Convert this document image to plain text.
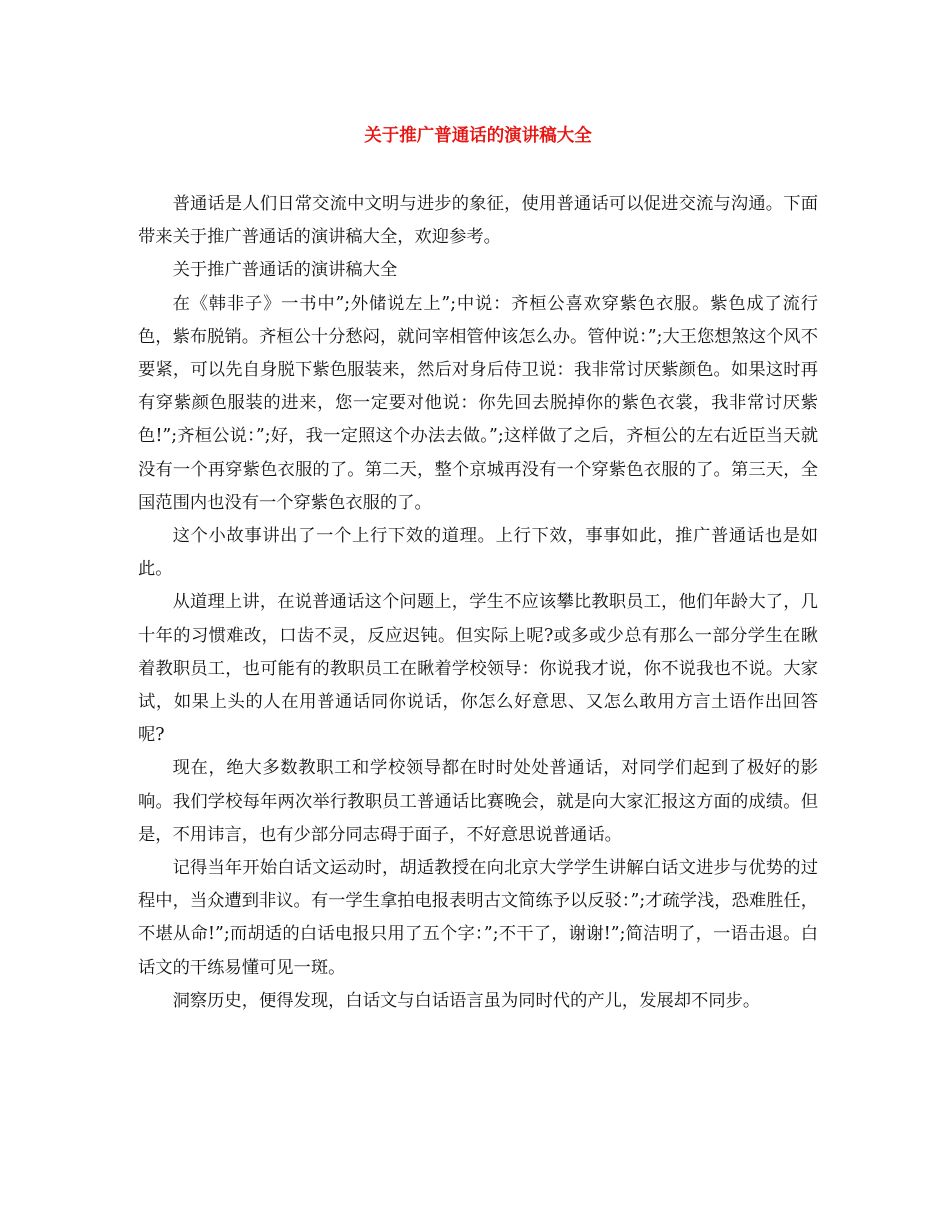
关于推广普通话的演讲稿大全

普通话是人们日常交流中文明与进步的象征，使用普通话可以促进交流与沟通。下面带来关于推广普通话的演讲稿大全，欢迎参考。

关于推广普通话的演讲稿大全

在《韩非子》一书中”;外储说左上”;中说：齐桓公喜欢穿紫色衣服。紫色成了流行色，紫布脱销。齐桓公十分愁闷，就问宰相管仲该怎么办。管仲说：”;大王您想煞这个风不要紧，可以先自身脱下紫色服装来，然后对身后侍卫说：我非常讨厌紫颜色。如果这时再有穿紫颜色服装的进来，您一定要对他说：你先回去脱掉你的紫色衣裳，我非常讨厌紫色!”;齐桓公说：”;好，我一定照这个办法去做。”;这样做了之后，齐桓公的左右近臣当天就没有一个再穿紫色衣服的了。第二天，整个京城再没有一个穿紫色衣服的了。第三天，全国范围内也没有一个穿紫色衣服的了。

这个小故事讲出了一个上行下效的道理。上行下效，事事如此，推广普通话也是如此。

从道理上讲，在说普通话这个问题上，学生不应该攀比教职员工，他们年龄大了，几十年的习惯难改，口齿不灵，反应迟钝。但实际上呢?或多或少总有那么一部分学生在瞅着教职员工，也可能有的教职员工在瞅着学校领导：你说我才说，你不说我也不说。大家试，如果上头的人在用普通话同你说话，你怎么好意思、又怎么敢用方言土语作出回答呢?

现在，绝大多数教职工和学校领导都在时时处处普通话，对同学们起到了极好的影响。我们学校每年两次举行教职员工普通话比赛晚会，就是向大家汇报这方面的成绩。但是，不用讳言，也有少部分同志碍于面子，不好意思说普通话。

记得当年开始白话文运动时，胡适教授在向北京大学学生讲解白话文进步与优势的过程中，当众遭到非议。有一学生拿拍电报表明古文简练予以反驳：”;才疏学浅，恐难胜任，不堪从命!”;而胡适的白话电报只用了五个字：”;不干了，谢谢!”;简洁明了，一语击退。白话文的干练易懂可见一斑。

洞察历史，便得发现，白话文与白话语言虽为同时代的产儿，发展却不同步。
